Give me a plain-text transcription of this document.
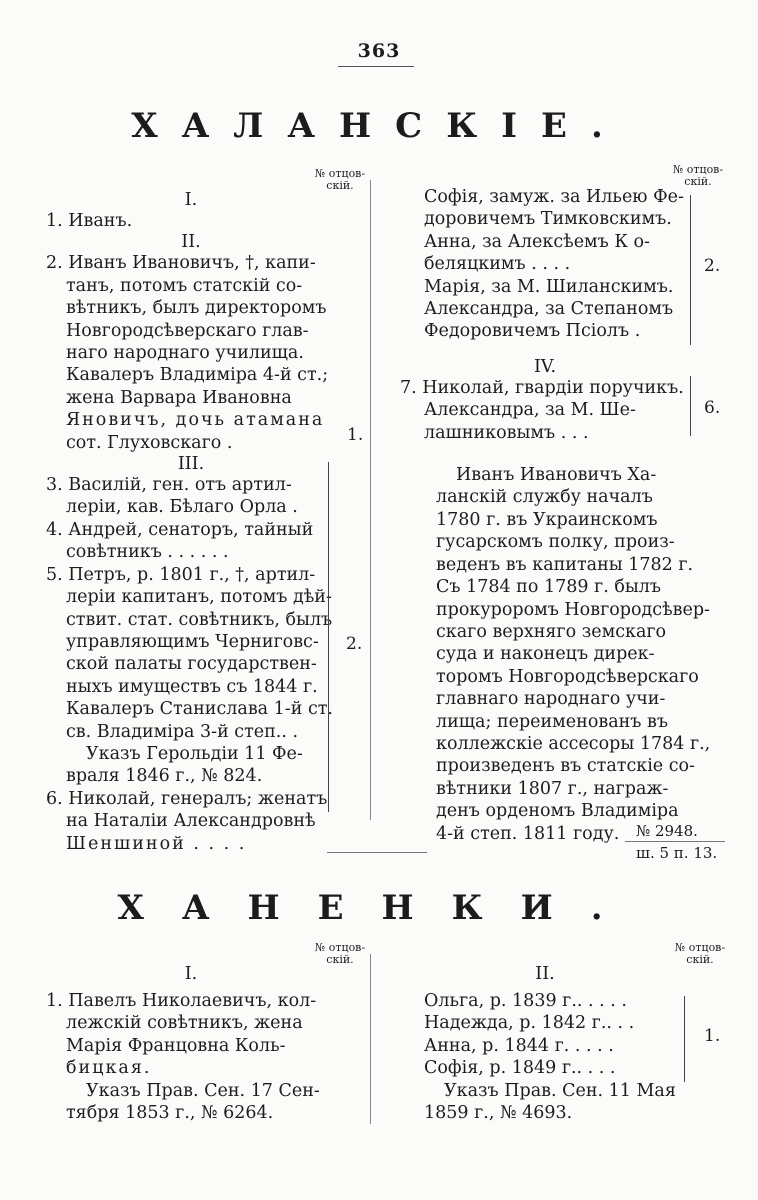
363
ХАЛАНСКІЕ.
№ отцов-
скій.
№ отцов-
скій.
I.
1. Иванъ.
II.
2. Иванъ Ивановичъ, †, капи-
танъ, потомъ статскій со-
вѣтникъ, былъ директоромъ
Новгородсѣверскаго глав-
наго народнаго училища.
Кавалеръ Владиміра 4-й ст.;
жена Варвара Ивановна
Яновичъ, дочь атамана
сот. Глуховскаго .
III.
3. Василій, ген. отъ артил-
леріи, кав. Бѣлаго Орла .
4. Андрей, сенаторъ, тайный
совѣтникъ . . . . . .
5. Петръ, р. 1801 г., †, артил-
леріи капитанъ, потомъ дѣй-
ствит. стат. совѣтникъ, былъ
управляющимъ Черниговс-
ской палаты государствен-
ныхъ имуществъ съ 1844 г.
Кавалеръ Станислава 1-й ст.
св. Владиміра 3-й степ.. .
Указъ Герольдіи 11 Фе-
враля 1846 г., № 824.
6. Николай, генералъ; женатъ
на Наталіи Александровнѣ
Шеншиной . . . .
1.
2.
Софія, замуж. за Ильею Фе-
доровичемъ Тимковскимъ.
Анна, за Алексѣемъ К о-
беляцкимъ . . . .
Марія, за М. Шиланскимъ.
Александра, за Степаномъ
Федоровичемъ Псіолъ .
IV.
7. Николай, гвардіи поручикъ.
Александра, за М. Ше-
лашниковымъ . . .
Иванъ Ивановичъ Ха-
ланскій службу началъ
1780 г. въ Украинскомъ
гусарскомъ полку, произ-
веденъ въ капитаны 1782 г.
Съ 1784 по 1789 г. былъ
прокуроромъ Новгородсѣвер-
скаго верхняго земскаго
суда и наконецъ дирек-
торомъ Новгородсѣверскаго
главнаго народнаго учи-
лища; переименованъ въ
коллежскіе ассесоры 1784 г.,
произведенъ въ статскіе со-
вѣтники 1807 г., награж-
денъ орденомъ Владиміра
4-й степ. 1811 году.
2.
6.
№ 2948.
ш. 5 п. 13.
ХАНЕНКИ.
№ отцов-
скій.
№ отцов-
скій.
I.
1. Павелъ Николаевичъ, кол-
лежскій совѣтникъ, жена
Марія Францовна Коль-
бицкая.
Указъ Прав. Сен. 17 Сен-
тября 1853 г., № 6264.
II.
Ольга, р. 1839 г.. . . . .
Надежда, р. 1842 г.. . .
Анна, р. 1844 г. . . . .
Софія, р. 1849 г.. . . .
Указъ Прав. Сен. 11 Мая
1859 г., № 4693.
1.
